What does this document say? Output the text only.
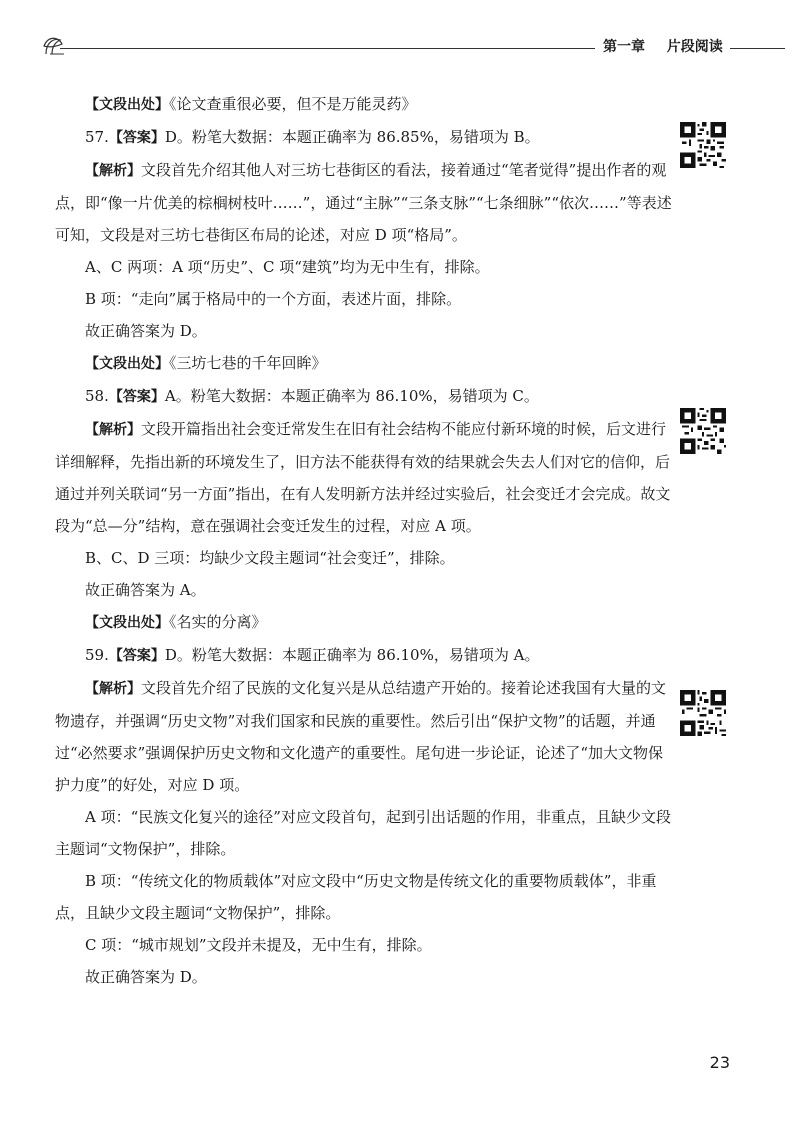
第一章 片段阅读

【文段出处】《论文查重很必要，但不是万能灵药》

57.【答案】D。粉笔大数据：本题正确率为 86.85%，易错项为 B。

【解析】文段首先介绍其他人对三坊七巷街区的看法，接着通过“笔者觉得”提出作者的观点，即“像一片优美的棕榈树枝叶……”，通过“主脉”“三条支脉”“七条细脉”“依次……”等表述可知，文段是对三坊七巷街区布局的论述，对应 D 项“格局”。

A、C 两项：A 项“历史”、C 项“建筑”均为无中生有，排除。

B 项：“走向”属于格局中的一个方面，表述片面，排除。

故正确答案为 D。

【文段出处】《三坊七巷的千年回眸》

58.【答案】A。粉笔大数据：本题正确率为 86.10%，易错项为 C。

【解析】文段开篇指出社会变迁常发生在旧有社会结构不能应付新环境的时候，后文进行详细解释，先指出新的环境发生了，旧方法不能获得有效的结果就会失去人们对它的信仰，后通过并列关联词“另一方面”指出，在有人发明新方法并经过实验后，社会变迁才会完成。故文段为“总—分”结构，意在强调社会变迁发生的过程，对应 A 项。

B、C、D 三项：均缺少文段主题词“社会变迁”，排除。

故正确答案为 A。

【文段出处】《名实的分离》

59.【答案】D。粉笔大数据：本题正确率为 86.10%，易错项为 A。

【解析】文段首先介绍了民族的文化复兴是从总结遗产开始的。接着论述我国有大量的文物遗存，并强调“历史文物”对我们国家和民族的重要性。然后引出“保护文物”的话题，并通过“必然要求”强调保护历史文物和文化遗产的重要性。尾句进一步论证，论述了“加大文物保护力度”的好处，对应 D 项。

A 项：“民族文化复兴的途径”对应文段首句，起到引出话题的作用，非重点，且缺少文段主题词“文物保护”，排除。

B 项：“传统文化的物质载体”对应文段中“历史文物是传统文化的重要物质载体”，非重点，且缺少文段主题词“文物保护”，排除。

C 项：“城市规划”文段并未提及，无中生有，排除。

故正确答案为 D。

23
